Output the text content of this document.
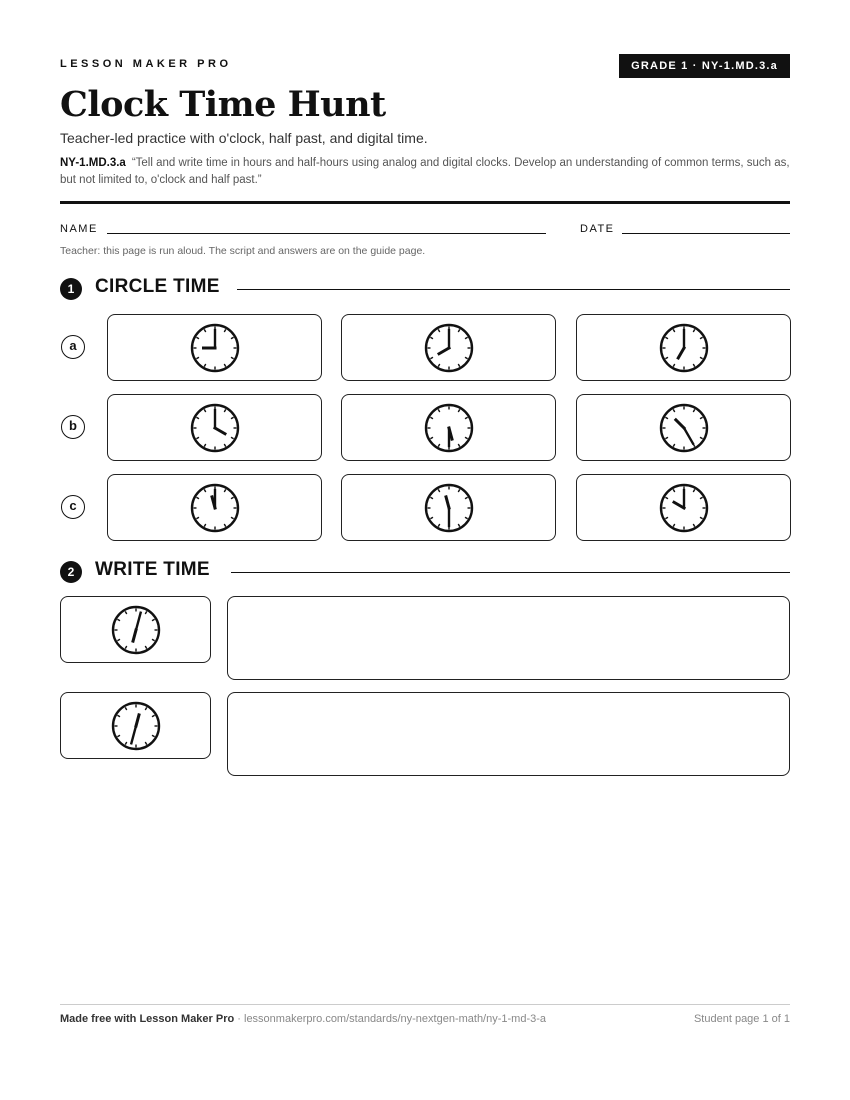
LESSON MAKER PRO	GRADE 1 · NY-1.MD.3.a
Clock Time Hunt
Teacher-led practice with o'clock, half past, and digital time.
NY-1.MD.3.a “Tell and write time in hours and half-hours using analog and digital clocks. Develop an understanding of common terms, such as, but not limited to, o'clock and half past.”
NAME	DATE
Teacher: this page is run aloud. The script and answers are on the guide page.
1	CIRCLE TIME
a
b
c
2	WRITE TIME
Made free with Lesson Maker Pro · lessonmakerpro.com/standards/ny-nextgen-math/ny-1-md-3-a	Student page 1 of 1
